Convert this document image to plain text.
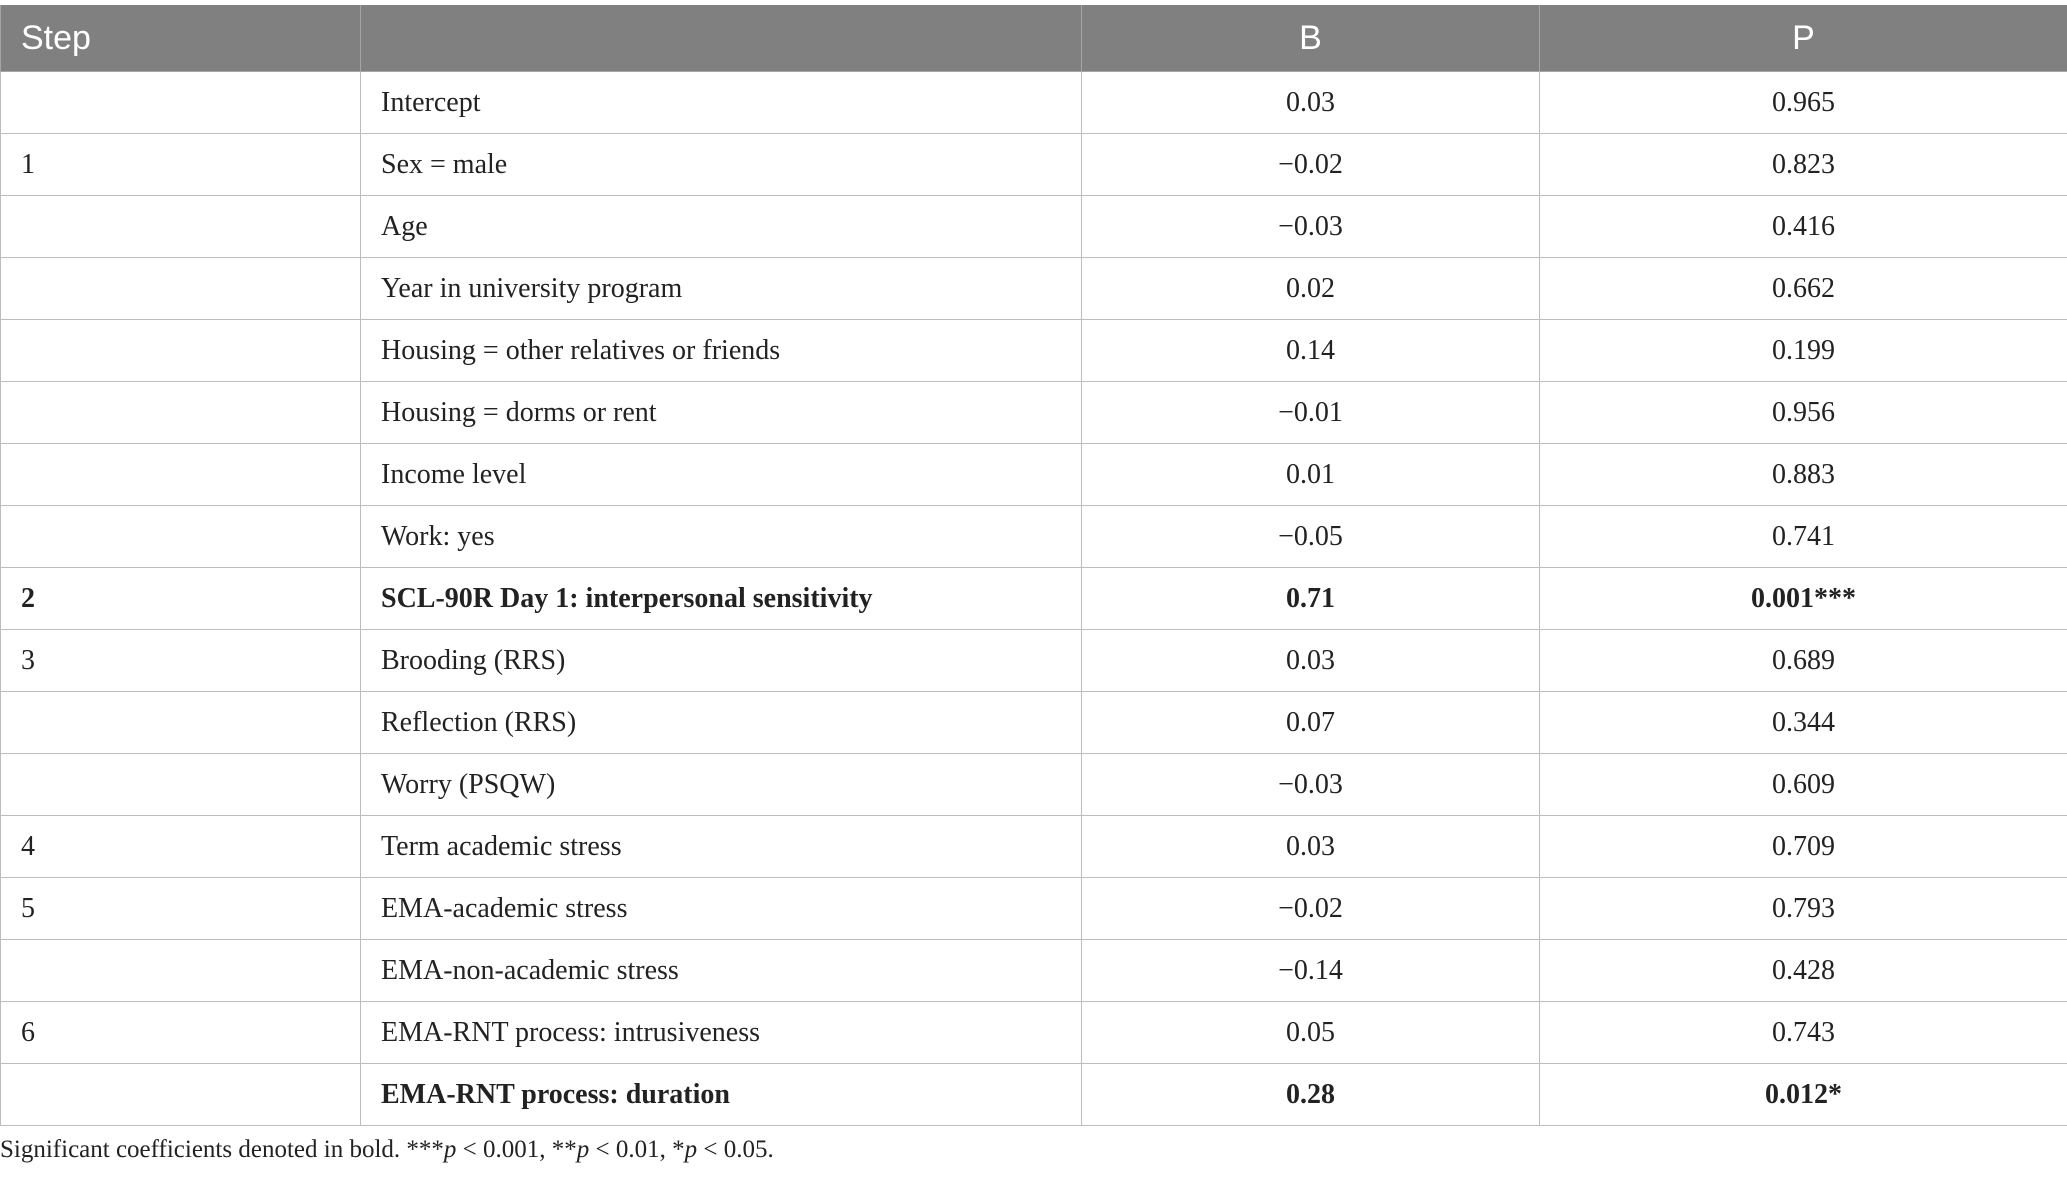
Step		B	P
	Intercept	0.03	0.965
1	Sex = male	−0.02	0.823
	Age	−0.03	0.416
	Year in university program	0.02	0.662
	Housing = other relatives or friends	0.14	0.199
	Housing = dorms or rent	−0.01	0.956
	Income level	0.01	0.883
	Work: yes	−0.05	0.741
2	SCL-90R Day 1: interpersonal sensitivity	0.71	0.001***
3	Brooding (RRS)	0.03	0.689
	Reflection (RRS)	0.07	0.344
	Worry (PSQW)	−0.03	0.609
4	Term academic stress	0.03	0.709
5	EMA-academic stress	−0.02	0.793
	EMA-non-academic stress	−0.14	0.428
6	EMA-RNT process: intrusiveness	0.05	0.743
	EMA-RNT process: duration	0.28	0.012*
Significant coefficients denoted in bold. ***p < 0.001, **p < 0.01, *p < 0.05.
